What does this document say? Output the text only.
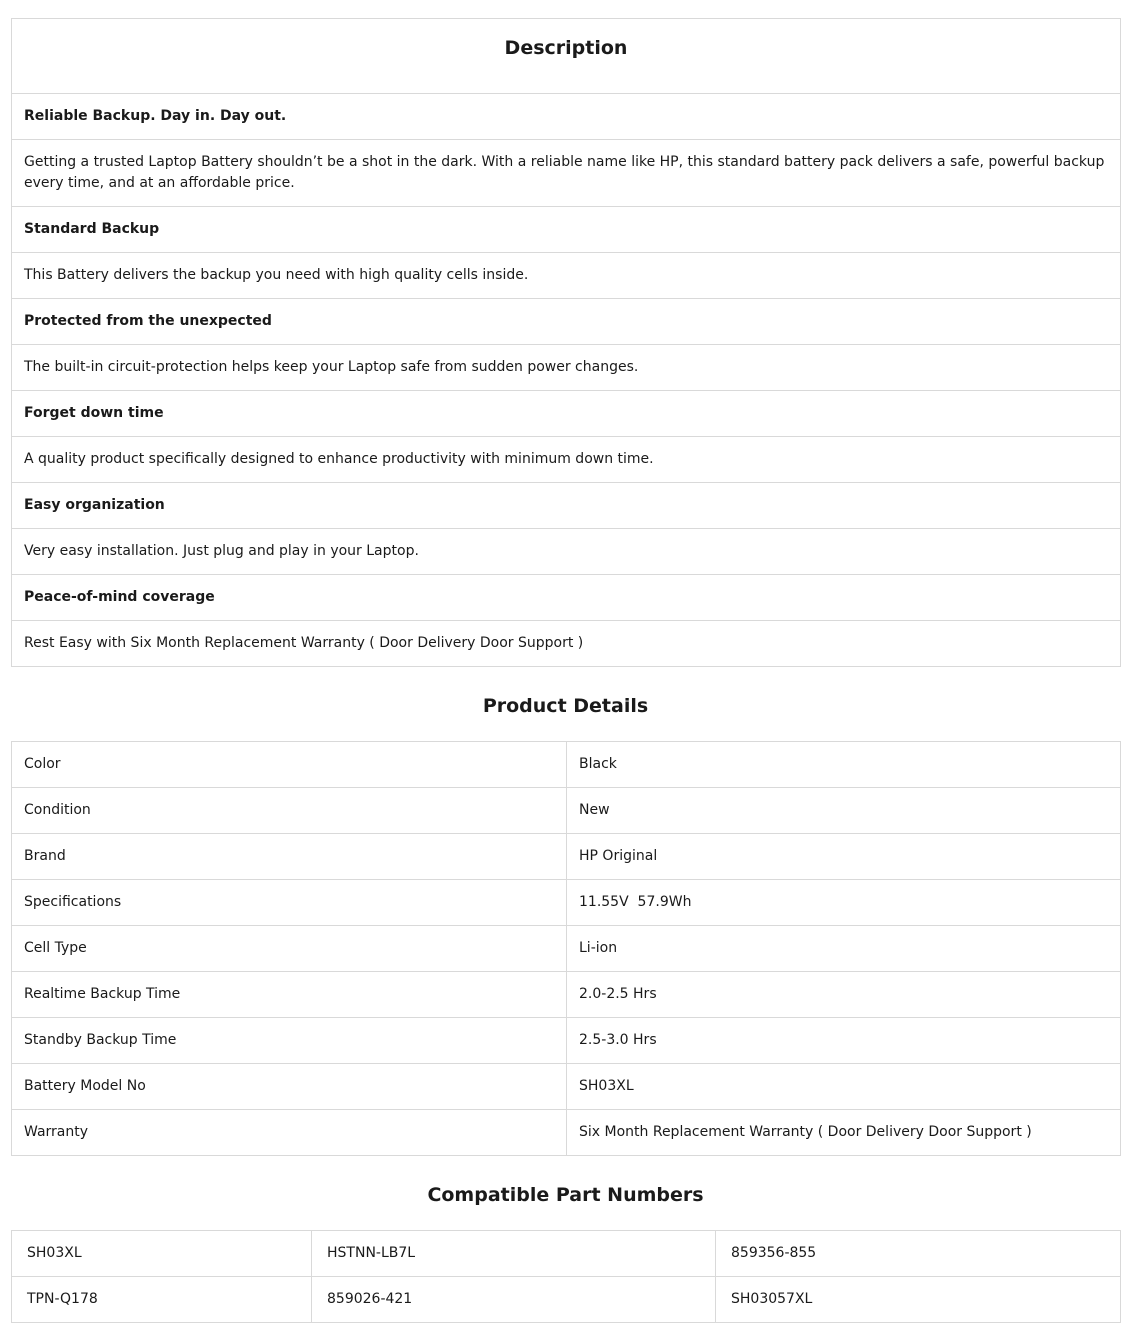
Description
Reliable Backup. Day in. Day out.
Getting a trusted Laptop Battery shouldn’t be a shot in the dark. With a reliable name like HP, this standard battery pack delivers a safe, powerful backup every time, and at an affordable price.
Standard Backup
This Battery delivers the backup you need with high quality cells inside.
Protected from the unexpected
The built-in circuit-protection helps keep your Laptop safe from sudden power changes.
Forget down time
A quality product specifically designed to enhance productivity with minimum down time.
Easy organization
Very easy installation. Just plug and play in your Laptop.
Peace-of-mind coverage
Rest Easy with Six Month Replacement Warranty ( Door Delivery Door Support )
Product Details
Color	Black
Condition	New
Brand	HP Original
Specifications	11.55V  57.9Wh
Cell Type	Li-ion
Realtime Backup Time	2.0-2.5 Hrs
Standby Backup Time	2.5-3.0 Hrs
Battery Model No	SH03XL
Warranty	Six Month Replacement Warranty ( Door Delivery Door Support )
Compatible Part Numbers
SH03XL	HSTNN-LB7L	859356-855
TPN-Q178	859026-421	SH03057XL
